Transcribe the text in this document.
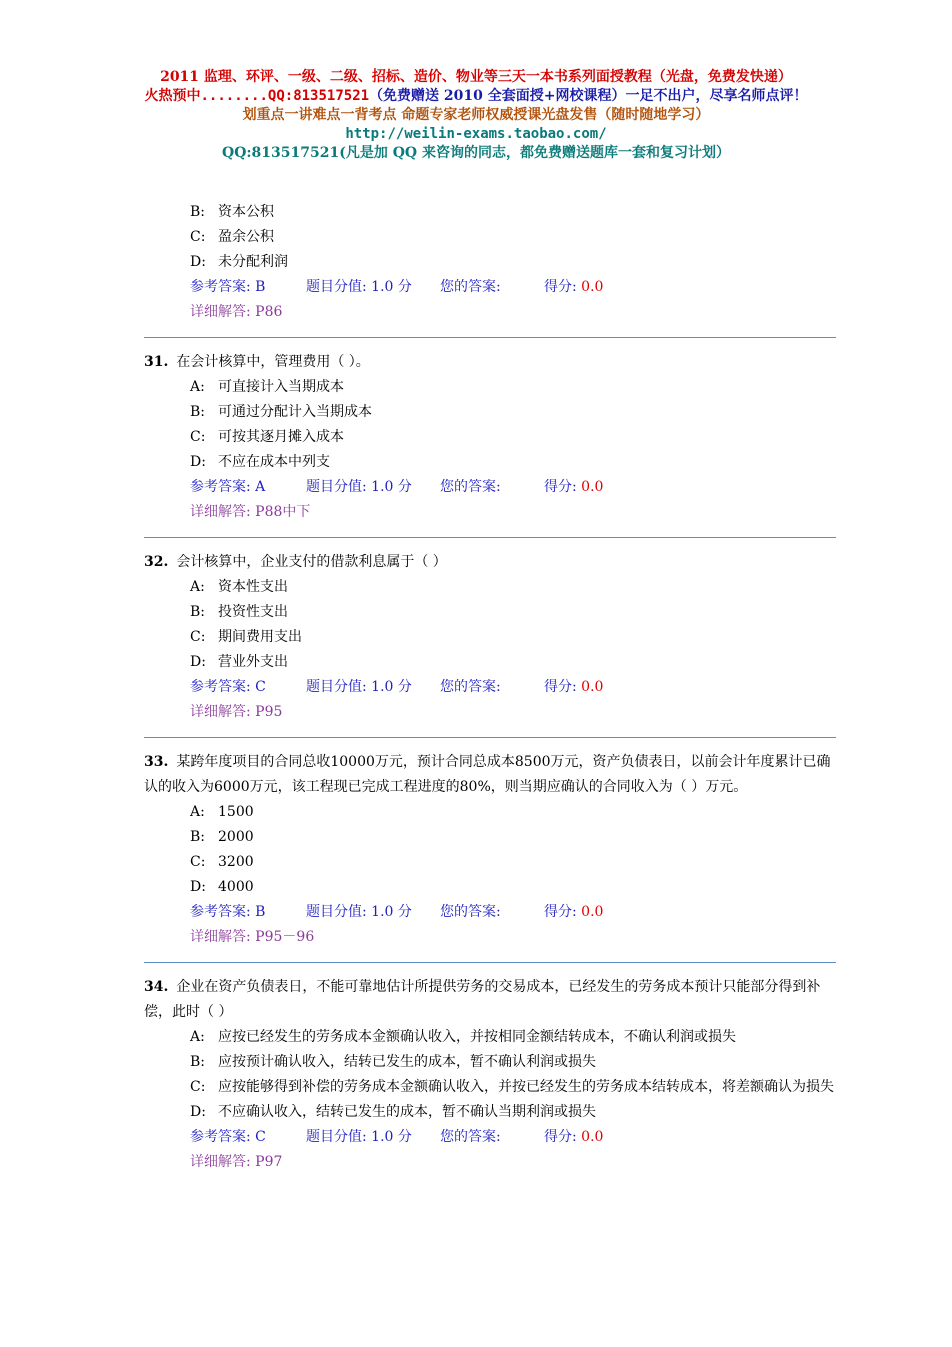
2011 监理、环评、一级、二级、招标、造价、物业等三天一本书系列面授教程（光盘，免费发快递）
火热预中........QQ:813517521（免费赠送 2010 全套面授+网校课程）一足不出户，尽享名师点评！
划重点一讲难点一背考点 命题专家老师权威授课光盘发售（随时随地学习）
http://weilin-exams.taobao.com/
QQ:813517521(凡是加 QQ 来咨询的同志，都免费赠送题库一套和复习计划）
B: 资本公积
C: 盈余公积
D: 未分配利润
参考答案: B	题目分值: 1.0 分 您的答案:	得分: 0.0
详细解答: P86
31. 在会计核算中，管理费用（ ）。
A: 可直接计入当期成本
B: 可通过分配计入当期成本
C: 可按其逐月摊入成本
D: 不应在成本中列支
参考答案: A	题目分值: 1.0 分 您的答案:	得分: 0.0
详细解答: P88中下
32. 会计核算中，企业支付的借款利息属于（ ）
A: 资本性支出
B: 投资性支出
C: 期间费用支出
D: 营业外支出
参考答案: C	题目分值: 1.0 分 您的答案:	得分: 0.0
详细解答: P95
33. 某跨年度项目的合同总收10000万元，预计合同总成本8500万元，资产负债表日，以前会计年度累计已确认的收入为6000万元，该工程现已完成工程进度的80%，则当期应确认的合同收入为（ ）万元。
A: 1500
B: 2000
C: 3200
D: 4000
参考答案: B	题目分值: 1.0 分 您的答案:	得分: 0.0
详细解答: P95－96
34. 企业在资产负债表日，不能可靠地估计所提供劳务的交易成本，已经发生的劳务成本预计只能部分得到补偿，此时（ ）
A: 应按已经发生的劳务成本金额确认收入，并按相同金额结转成本，不确认利润或损失
B: 应按预计确认收入，结转已发生的成本，暂不确认利润或损失
C: 应按能够得到补偿的劳务成本金额确认收入，并按已经发生的劳务成本结转成本，将差额确认为损失
D: 不应确认收入，结转已发生的成本，暂不确认当期利润或损失
参考答案: C	题目分值: 1.0 分 您的答案:	得分: 0.0
详细解答: P97
